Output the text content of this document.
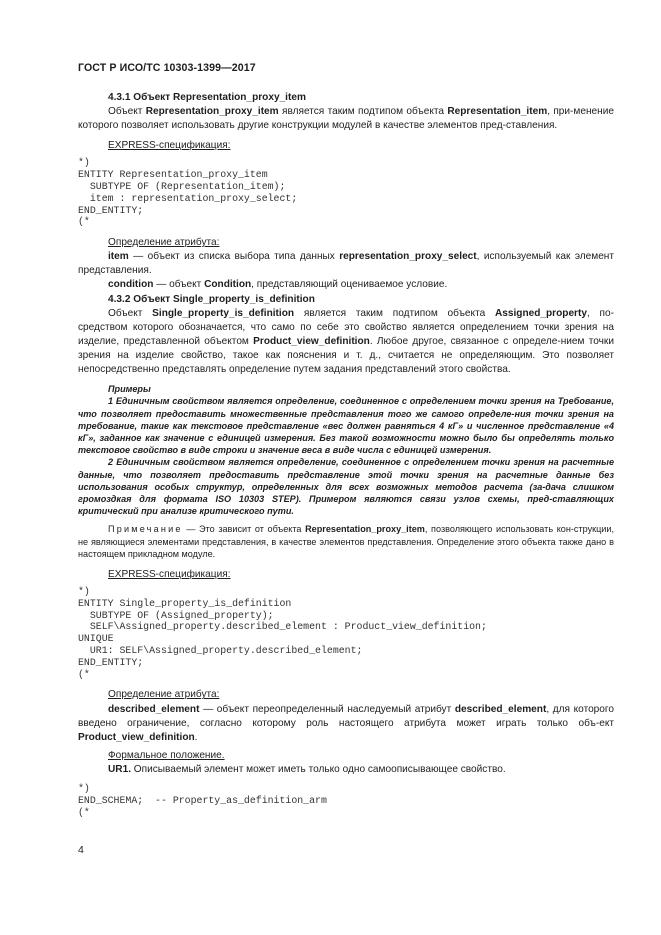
ГОСТ Р ИСО/ТС 10303-1399—2017

4.3.1 Объект Representation_proxy_item

Объект Representation_proxy_item является таким подтипом объекта Representation_item, при-менение которого позволяет использовать другие конструкции модулей в качестве элементов пред-ставления.

EXPRESS-спецификация:

*)
ENTITY Representation_proxy_item
SUBTYPE OF (Representation_item);
item : representation_proxy_select;
END_ENTITY;
(*

Определение атрибута:

item — объект из списка выбора типа данных representation_proxy_select, используемый как элемент представления.

condition — объект Condition, представляющий оцениваемое условие.

4.3.2 Объект Single_property_is_definition

Объект Single_property_is_definition является таким подтипом объекта Assigned_property, по-средством которого обозначается, что само по себе это свойство является определением точки зрения на изделие, представленной объектом Product_view_definition. Любое другое, связанное с определе-нием точки зрения на изделие свойство, такое как пояснения и т. д., считается не определяющим. Это позволяет непосредственно представлять определение путем задания представлений этого свойства.

Примеры

1 Единичным свойством является определение, соединенное с определением точки зрения на Требование, что позволяет предоставить множественные представления того же самого определе-ния точки зрения на требование, такие как текстовое представление «вес должен равняться 4 кГ» и численное представление «4 кГ», заданное как значение с единицей измерения. Без такой возможности можно было бы определять только текстовое свойство в виде строки и значение веса в виде числа с единицей измерения.

2 Единичным свойством является определение, соединенное с определением точки зрения на расчетные данные, что позволяет предоставить представление этой точки зрения на расчетные данные без использования особых структур, определенных для всех возможных методов расчета (за-дача слишком громоздкая для формата ISO 10303 STEP). Примером являются связи узлов схемы, пред-ставляющих критический при анализе критического пути.

Примечание — Это зависит от объекта Representation_proxy_item, позволяющего использовать кон-струкции, не являющиеся элементами представления, в качестве элементов представления. Определение этого объекта также дано в настоящем прикладном модуле.

EXPRESS-спецификация:

*)
ENTITY Single_property_is_definition
SUBTYPE OF (Assigned_property);
SELF\Assigned_property.described_element : Product_view_definition;
UNIQUE
UR1: SELF\Assigned_property.described_element;
END_ENTITY;
(*

Определение атрибута:

described_element — объект переопределенный наследуемый атрибут described_element, для которого введено ограничение, согласно которому роль настоящего атрибута может играть только объ-ект Product_view_definition.

Формальное положение.

UR1. Описываемый элемент может иметь только одно самоописывающее свойство.

*)
END_SCHEMA;  -- Property_as_definition_arm
(*
4
